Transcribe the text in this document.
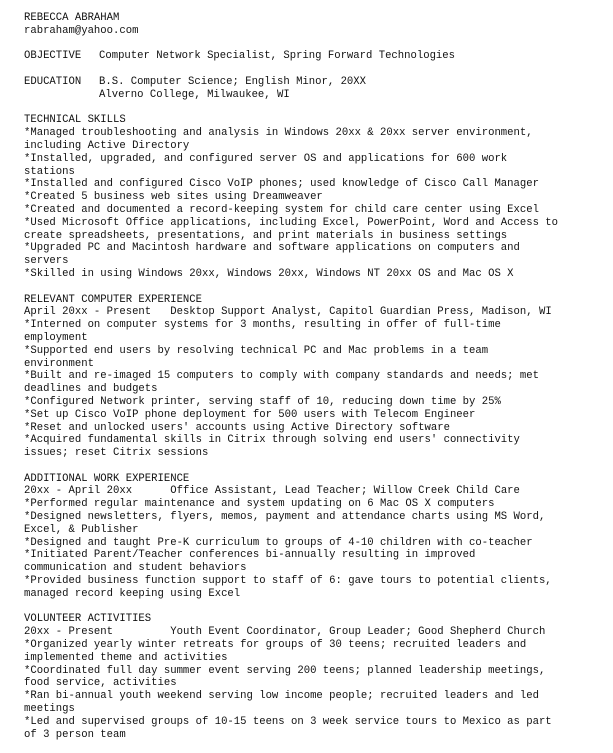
REBECCA ABRAHAM
rabraham@yahoo.com
OBJECTIVE Computer Network Specialist, Spring Forward Technologies
EDUCATION B.S. Computer Science; English Minor, 20XX
Alverno College, Milwaukee, WI
TECHNICAL SKILLS
*Managed troubleshooting and analysis in Windows 20xx & 20xx server environment,
including Active Directory
*Installed, upgraded, and configured server OS and applications for 600 work
stations
*Installed and configured Cisco VoIP phones; used knowledge of Cisco Call Manager
*Created 5 business web sites using Dreamweaver
*Created and documented a record-keeping system for child care center using Excel
*Used Microsoft Office applications, including Excel, PowerPoint, Word and Access to
create spreadsheets, presentations, and print materials in business settings
*Upgraded PC and Macintosh hardware and software applications on computers and
servers
*Skilled in using Windows 20xx, Windows 20xx, Windows NT 20xx OS and Mac OS X
RELEVANT COMPUTER EXPERIENCE
April 20xx - Present Desktop Support Analyst, Capitol Guardian Press, Madison, WI
*Interned on computer systems for 3 months, resulting in offer of full-time
employment
*Supported end users by resolving technical PC and Mac problems in a team
environment
*Built and re-imaged 15 computers to comply with company standards and needs; met
deadlines and budgets
*Configured Network printer, serving staff of 10, reducing down time by 25%
*Set up Cisco VoIP phone deployment for 500 users with Telecom Engineer
*Reset and unlocked users' accounts using Active Directory software
*Acquired fundamental skills in Citrix through solving end users' connectivity
issues; reset Citrix sessions
ADDITIONAL WORK EXPERIENCE
20xx - April 20xx	Office Assistant, Lead Teacher; Willow Creek Child Care
*Performed regular maintenance and system updating on 6 Mac OS X computers
*Designed newsletters, flyers, memos, payment and attendance charts using MS Word,
Excel, & Publisher
*Designed and taught Pre-K curriculum to groups of 4-10 children with co-teacher
*Initiated Parent/Teacher conferences bi-annually resulting in improved
communication and student behaviors
*Provided business function support to staff of 6: gave tours to potential clients,
managed record keeping using Excel
VOLUNTEER ACTIVITIES
20xx - Present	Youth Event Coordinator, Group Leader; Good Shepherd Church
*Organized yearly winter retreats for groups of 30 teens; recruited leaders and
implemented theme and activities
*Coordinated full day summer event serving 200 teens; planned leadership meetings,
food service, activities
*Ran bi-annual youth weekend serving low income people; recruited leaders and led
meetings
*Led and supervised groups of 10-15 teens on 3 week service tours to Mexico as part
of 3 person team
